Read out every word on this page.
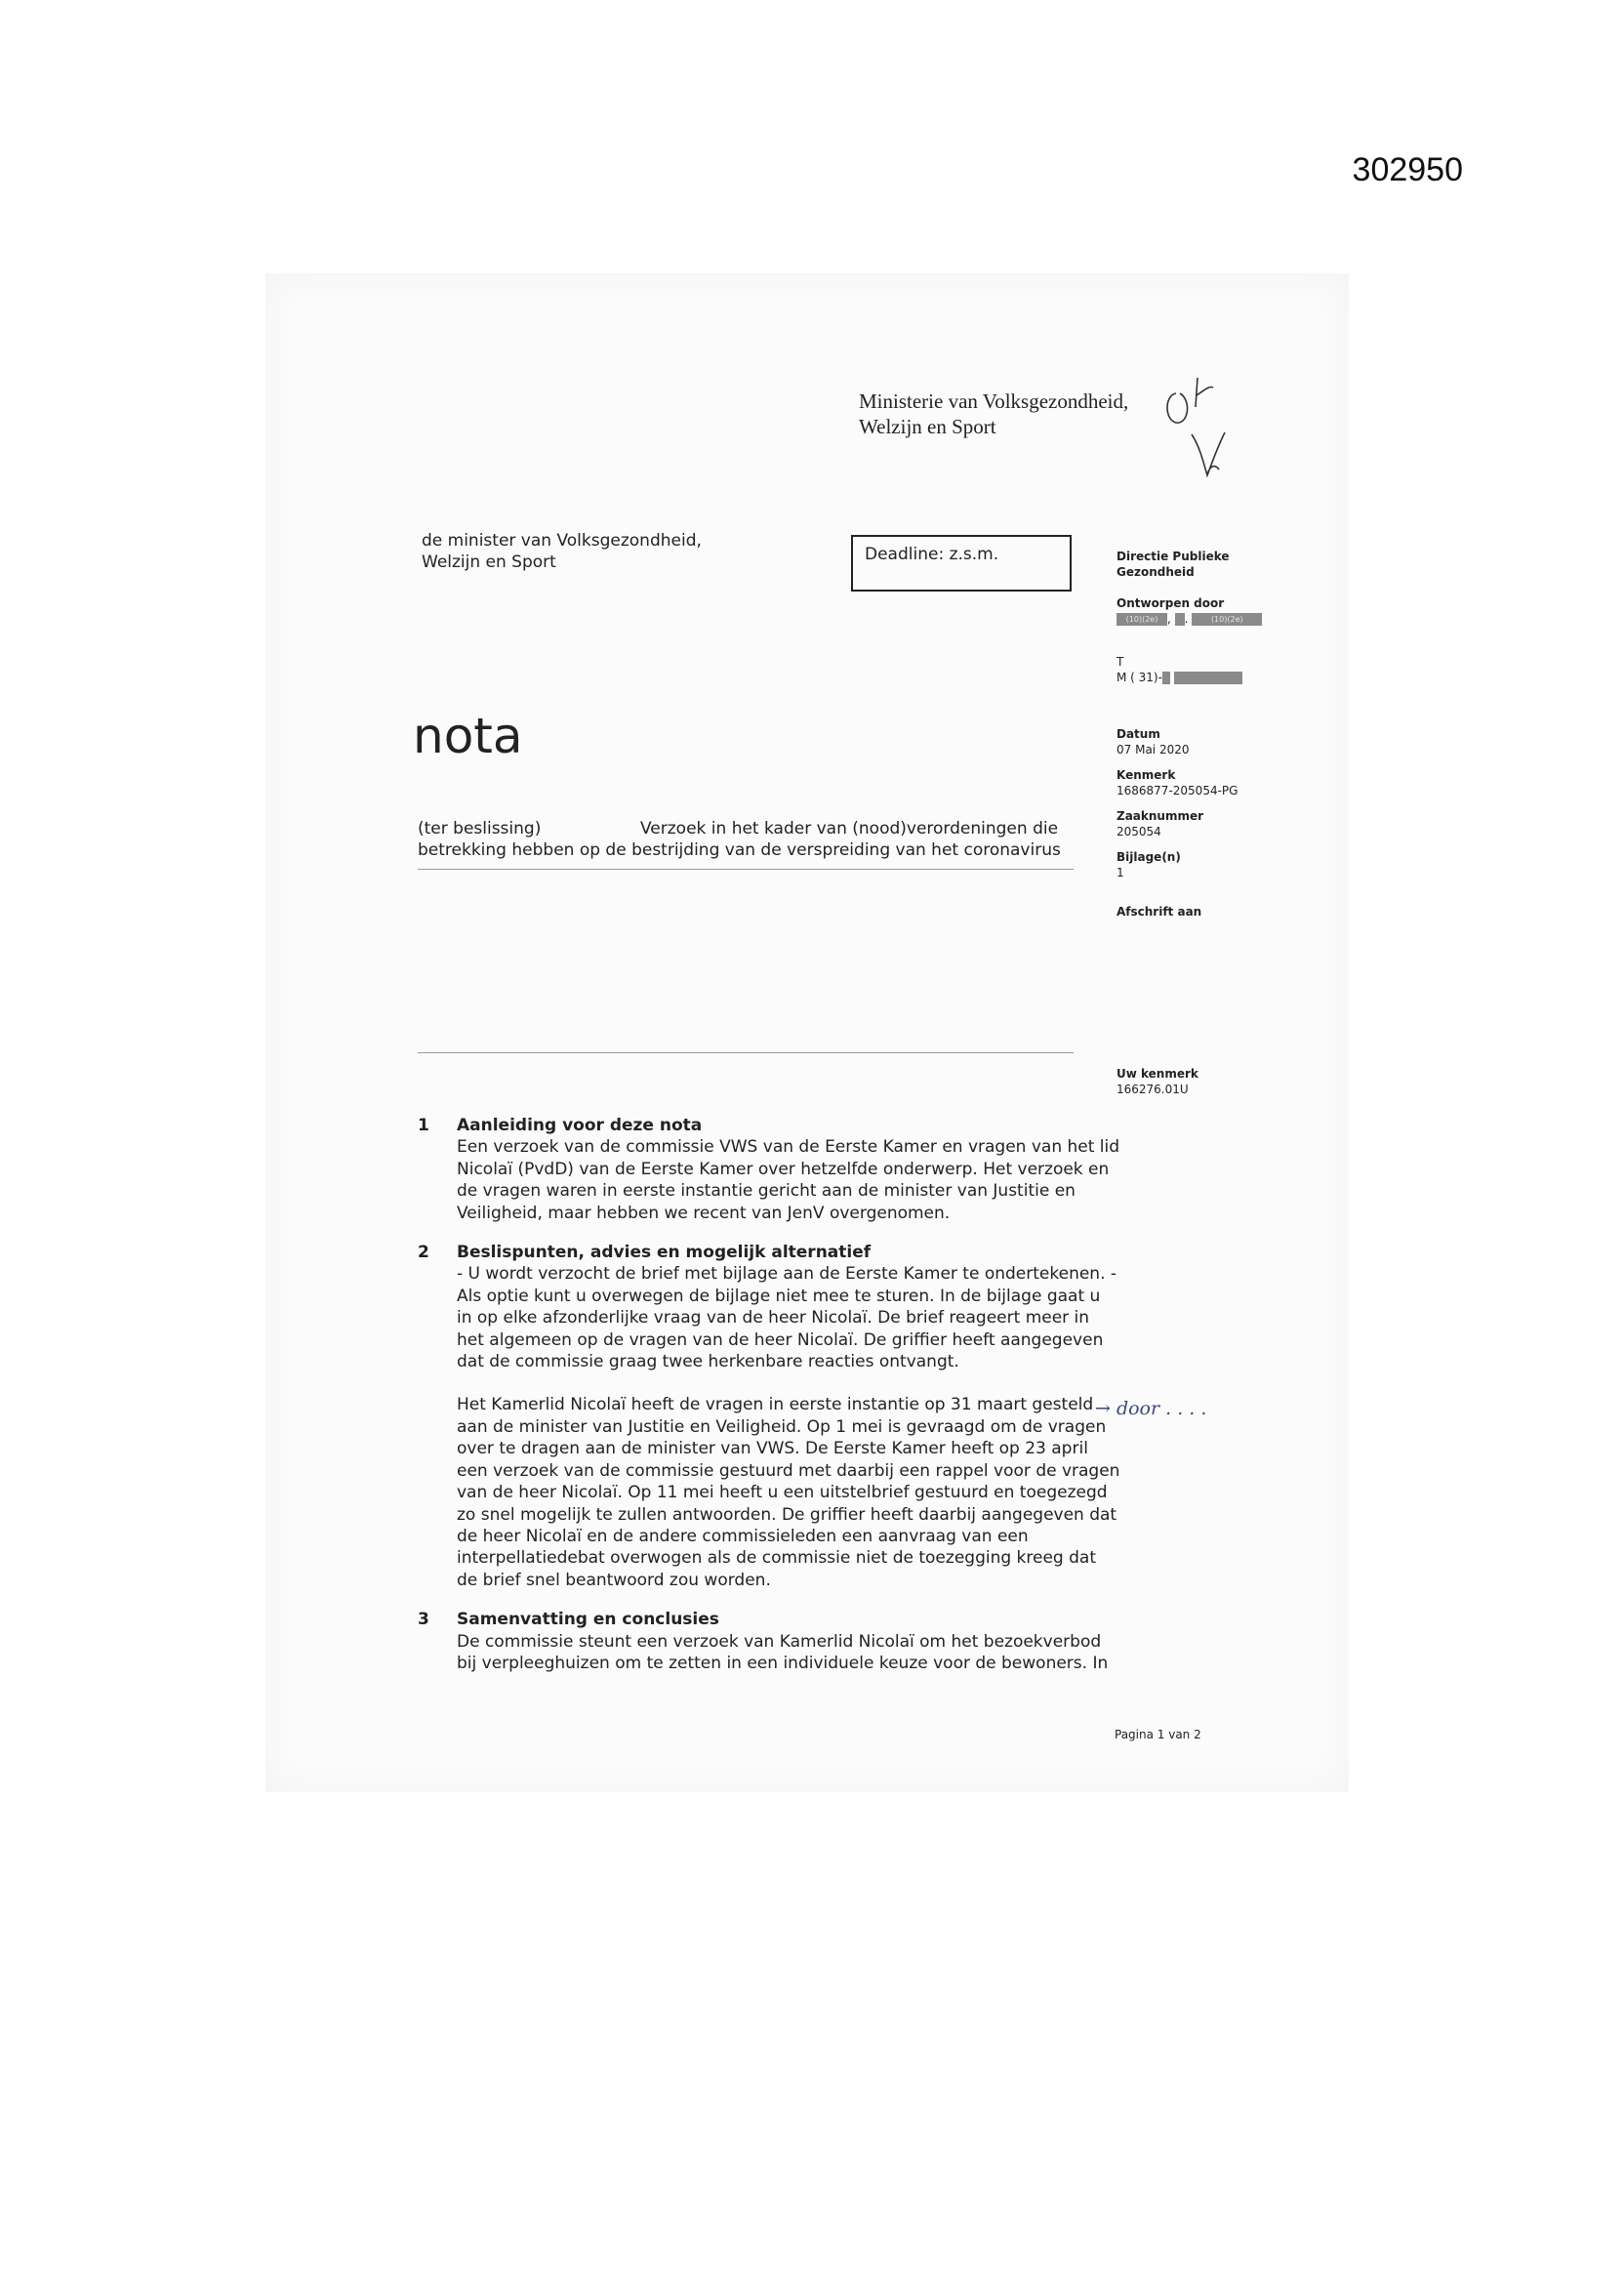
302950
Ministerie van Volksgezondheid,
Welzijn en Sport
de minister van Volksgezondheid,
Welzijn en Sport	Deadline: z.s.m.	Directie Publieke
Gezondheid
Ontworpen door
(10)(2e) , . (10)(2e)
T
M ( 31)-
Datum
07 Mai 2020
Kenmerk
1686877-205054-PG
Zaaknummer
205054
Bijlage(n)
1
Afschrift aan
Uw kenmerk
166276.01U
nota
(ter beslissing)	Verzoek in het kader van (nood)verordeningen die
betrekking hebben op de bestrijding van de verspreiding van het coronavirus
1 Aanleiding voor deze nota

Een verzoek van de commissie VWS van de Eerste Kamer en vragen van het lid Nicolaï (PvdD) van de Eerste Kamer over hetzelfde onderwerp. Het verzoek en de vragen waren in eerste instantie gericht aan de minister van Justitie en Veiligheid, maar hebben we recent van JenV overgenomen.

2 Beslispunten, advies en mogelijk alternatief

- U wordt verzocht de brief met bijlage aan de Eerste Kamer te ondertekenen. - Als optie kunt u overwegen de bijlage niet mee te sturen. In de bijlage gaat u in op elke afzonderlijke vraag van de heer Nicolaï. De brief reageert meer in het algemeen op de vragen van de heer Nicolaï. De griffier heeft aangegeven dat de commissie graag twee herkenbare reacties ontvangt.

Het Kamerlid Nicolaï heeft de vragen in eerste instantie op 31 maart gesteld aan de minister van Justitie en Veiligheid. Op 1 mei is gevraagd om de vragen over te dragen aan de minister van VWS. De Eerste Kamer heeft op 23 april een verzoek van de commissie gestuurd met daarbij een rappel voor de vragen van de heer Nicolaï. Op 11 mei heeft u een uitstelbrief gestuurd en toegezegd zo snel mogelijk te zullen antwoorden. De griffier heeft daarbij aangegeven dat de heer Nicolaï en de andere commissieleden een aanvraag van een interpellatiedebat overwogen als de commissie niet de toezegging kreeg dat de brief snel beantwoord zou worden.

3 Samenvatting en conclusies

De commissie steunt een verzoek van Kamerlid Nicolaï om het bezoekverbod bij verpleeghuizen om te zetten in een individuele keuze voor de bewoners. In

→ door . . . .
Pagina 1 van 2
